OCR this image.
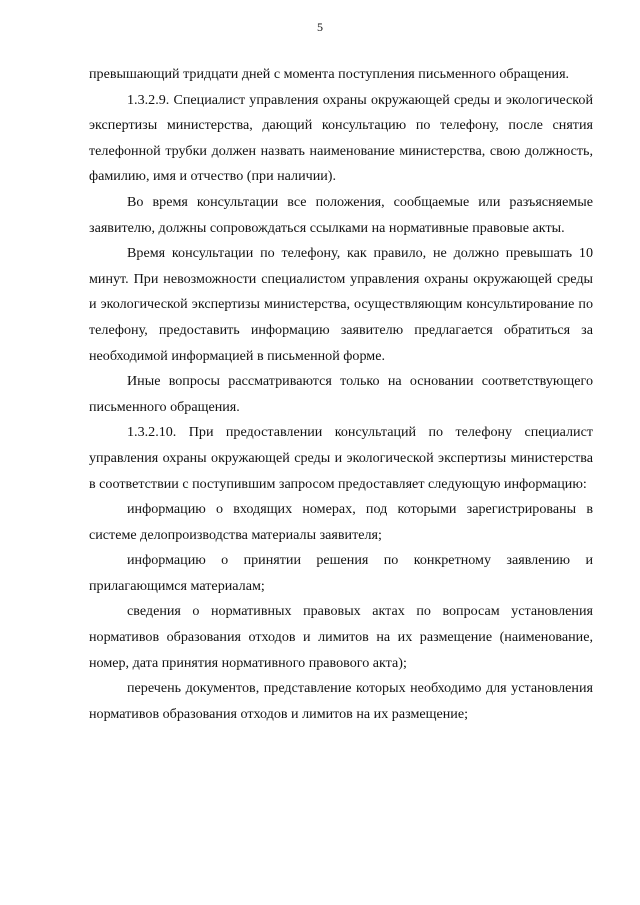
5

превышающий тридцати дней с момента поступления письменного обращения.

1.3.2.9. Специалист управления охраны окружающей среды и экологической экспертизы министерства, дающий консультацию по телефону, после снятия телефонной трубки должен назвать наименование министерства, свою должность, фамилию, имя и отчество (при наличии).

Во время консультации все положения, сообщаемые или разъясняемые заявителю, должны сопровождаться ссылками на нормативные правовые акты.

Время консультации по телефону, как правило, не должно превышать 10 минут. При невозможности специалистом управления охраны окружающей среды и экологической экспертизы министерства, осуществляющим консультирование по телефону, предоставить информацию заявителю предлагается обратиться за необходимой информацией в письменной форме.

Иные вопросы рассматриваются только на основании соответствующего письменного обращения.

1.3.2.10. При предоставлении консультаций по телефону специалист управления охраны окружающей среды и экологической экспертизы министерства в соответствии с поступившим запросом предоставляет следующую информацию:

информацию о входящих номерах, под которыми зарегистрированы в системе делопроизводства материалы заявителя;

информацию о принятии решения по конкретному заявлению и прилагающимся материалам;

сведения о нормативных правовых актах по вопросам установления нормативов образования отходов и лимитов на их размещение (наименование, номер, дата принятия нормативного правового акта);

перечень документов, представление которых необходимо для установления нормативов образования отходов и лимитов на их размещение;
